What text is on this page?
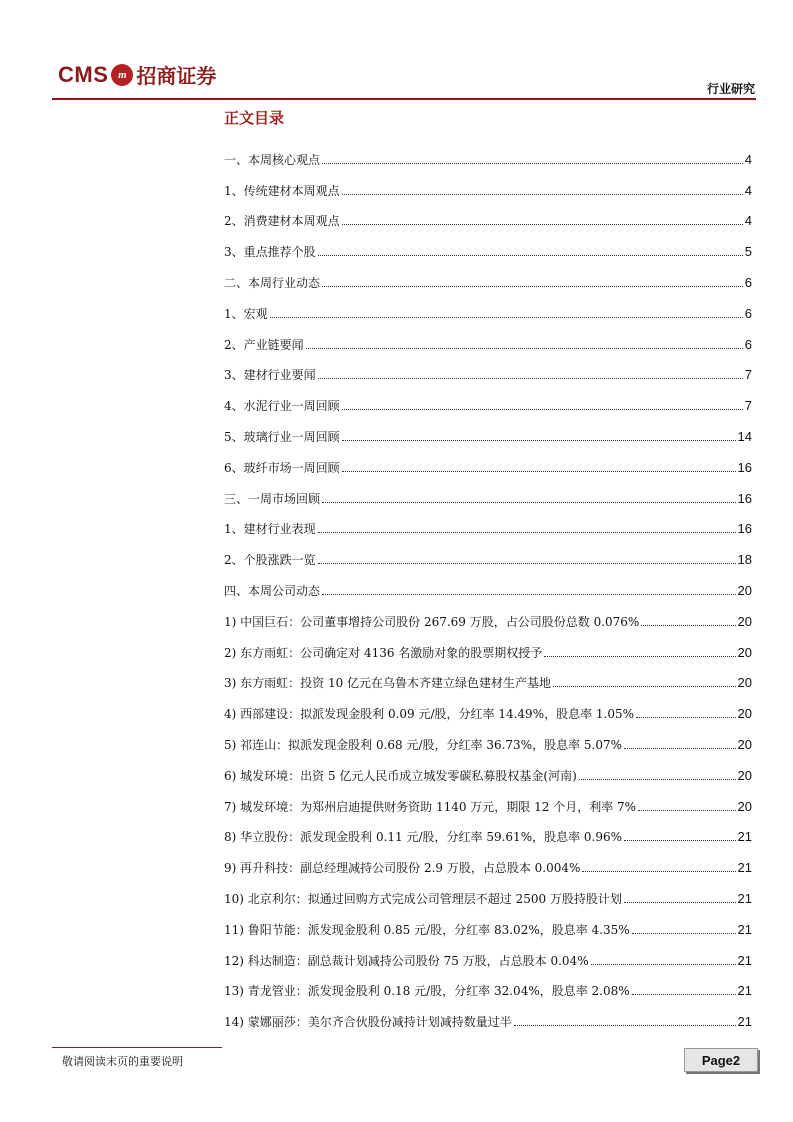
CMS m 招商证券
行业研究
正文目录
一、本周核心观点	4
1、传统建材本周观点	4
2、消费建材本周观点	4
3、重点推荐个股	5
二、本周行业动态	6
1、宏观	6
2、产业链要闻	6
3、建材行业要闻	7
4、水泥行业一周回顾	7
5、玻璃行业一周回顾	14
6、玻纤市场一周回顾	16
三、一周市场回顾	16
1、建材行业表现	16
2、个股涨跌一览	18
四、本周公司动态	20
1) 中国巨石：公司董事增持公司股份 267.69 万股，占公司股份总数 0.076%	20
2) 东方雨虹：公司确定对 4136 名激励对象的股票期权授予	20
3) 东方雨虹：投资 10 亿元在乌鲁木齐建立绿色建材生产基地	20
4) 西部建设：拟派发现金股利 0.09 元/股，分红率 14.49%，股息率 1.05%	20
5) 祁连山：拟派发现金股利 0.68 元/股，分红率 36.73%，股息率 5.07%	20
6) 城发环境：出资 5 亿元人民币成立城发零碳私募股权基金(河南)	20
7) 城发环境：为郑州启迪提供财务资助 1140 万元，期限 12 个月，利率 7%	20
8) 华立股份：派发现金股利 0.11 元/股，分红率 59.61%，股息率 0.96%	21
9) 再升科技：副总经理减持公司股份 2.9 万股，占总股本 0.004%	21
10) 北京利尔：拟通过回购方式完成公司管理层不超过 2500 万股持股计划	21
11) 鲁阳节能：派发现金股利 0.85 元/股，分红率 83.02%，股息率 4.35%	21
12) 科达制造：副总裁计划减持公司股份 75 万股，占总股本 0.04%	21
13) 青龙管业：派发现金股利 0.18 元/股，分红率 32.04%，股息率 2.08%	21
14) 蒙娜丽莎：美尔齐合伙股份减持计划减持数量过半	21
敬请阅读末页的重要说明	Page2
